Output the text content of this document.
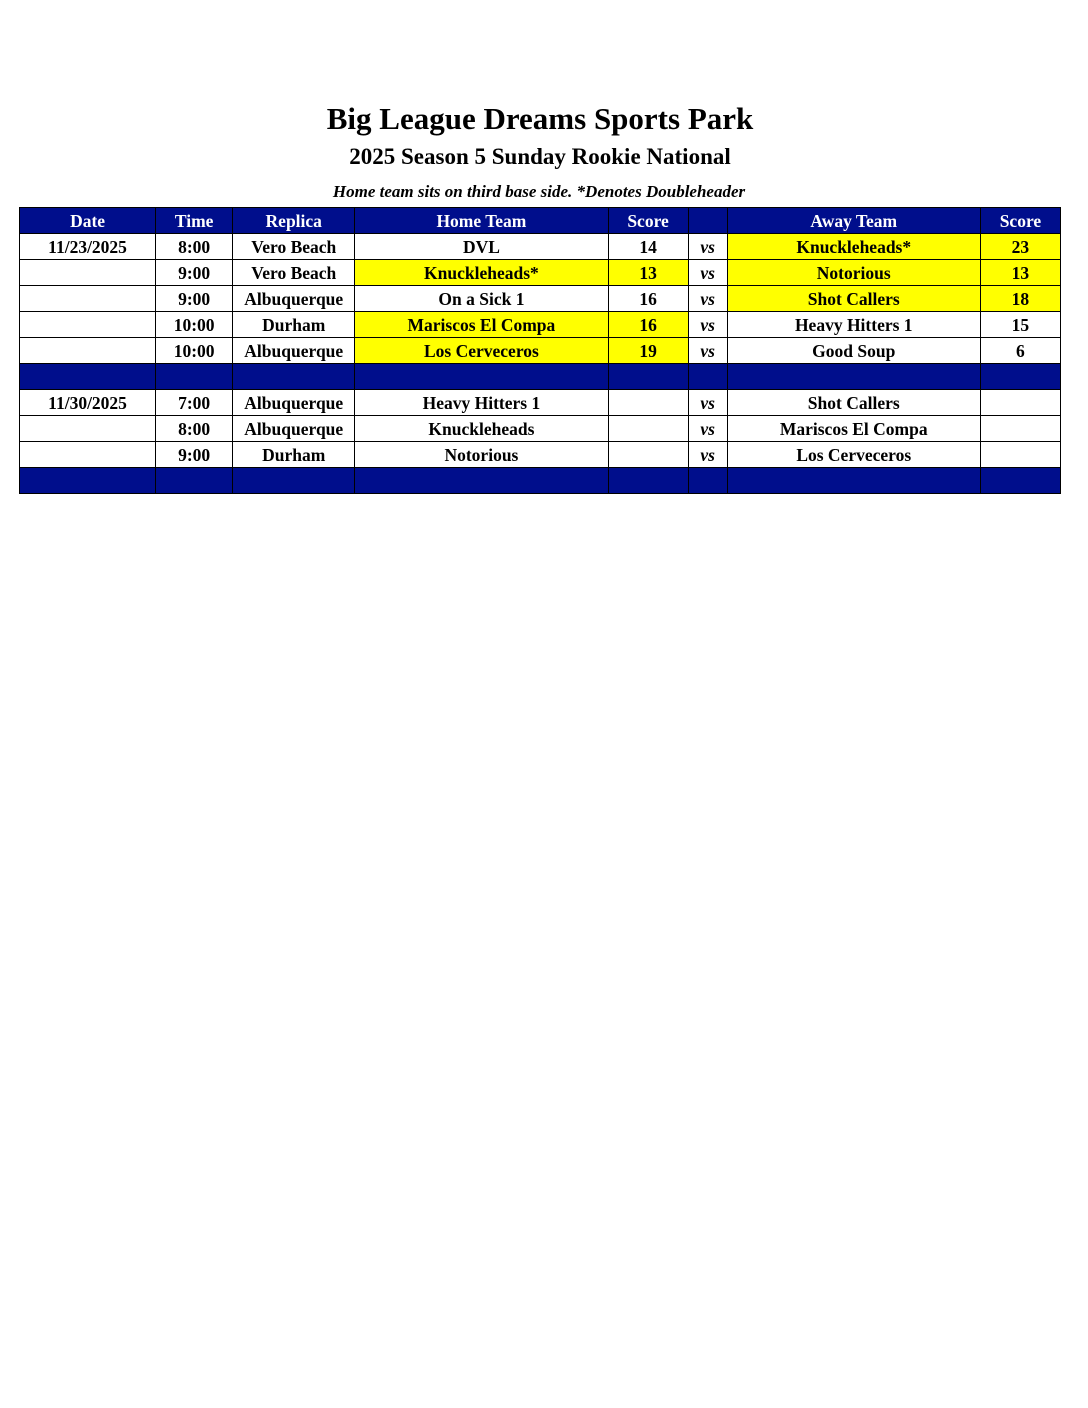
Big League Dreams Sports Park
2025 Season 5 Sunday Rookie National
Home team sits on third base side. *Denotes Doubleheader
Date	Time	Replica	Home Team	Score		Away Team	Score
11/23/2025	8:00	Vero Beach	DVL	14	vs	Knuckleheads*	23
	9:00	Vero Beach	Knuckleheads*	13	vs	Notorious	13
	9:00	Albuquerque	On a Sick 1	16	vs	Shot Callers	18
	10:00	Durham	Mariscos El Compa	16	vs	Heavy Hitters 1	15
	10:00	Albuquerque	Los Cerveceros	19	vs	Good Soup	6

11/30/2025	7:00	Albuquerque	Heavy Hitters 1		vs	Shot Callers	
	8:00	Albuquerque	Knuckleheads		vs	Mariscos El Compa	
	9:00	Durham	Notorious		vs	Los Cerveceros	
